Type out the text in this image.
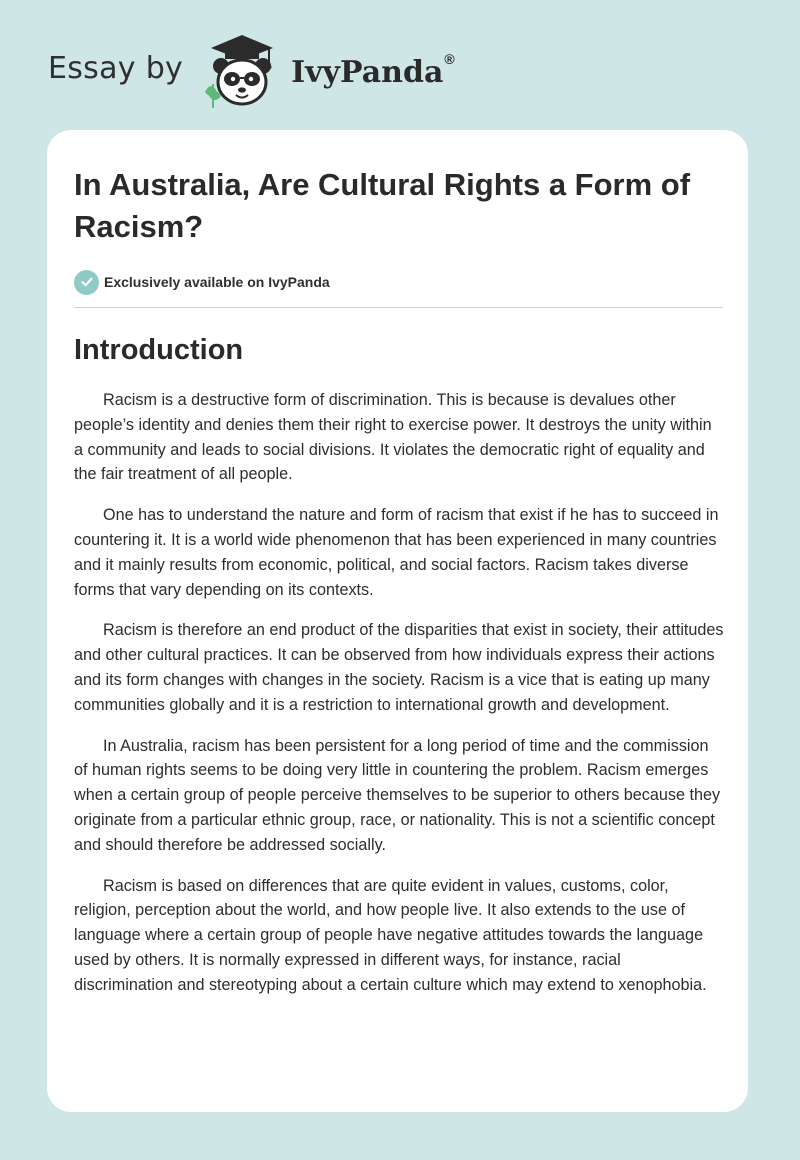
Essay by	IvyPanda®
In Australia, Are Cultural Rights a Form of Racism?
Exclusively available on IvyPanda
Introduction

Racism is a destructive form of discrimination. This is because is devalues other people’s identity and denies them their right to exercise power. It destroys the unity within a community and leads to social divisions. It violates the democratic right of equality and the fair treatment of all people.

One has to understand the nature and form of racism that exist if he has to succeed in countering it. It is a world wide phenomenon that has been experienced in many countries and it mainly results from economic, political, and social factors. Racism takes diverse forms that vary depending on its contexts.

Racism is therefore an end product of the disparities that exist in society, their attitudes and other cultural practices. It can be observed from how individuals express their actions and its form changes with changes in the society. Racism is a vice that is eating up many communities globally and it is a restriction to international growth and development.

In Australia, racism has been persistent for a long period of time and the commission of human rights seems to be doing very little in countering the problem. Racism emerges when a certain group of people perceive themselves to be superior to others because they originate from a particular ethnic group, race, or nationality. This is not a scientific concept and should therefore be addressed socially.

Racism is based on differences that are quite evident in values, customs, color, religion, perception about the world, and how people live. It also extends to the use of language where a certain group of people have negative attitudes towards the language used by others. It is normally expressed in different ways, for instance, racial discrimination and stereotyping about a certain culture which may extend to xenophobia.
